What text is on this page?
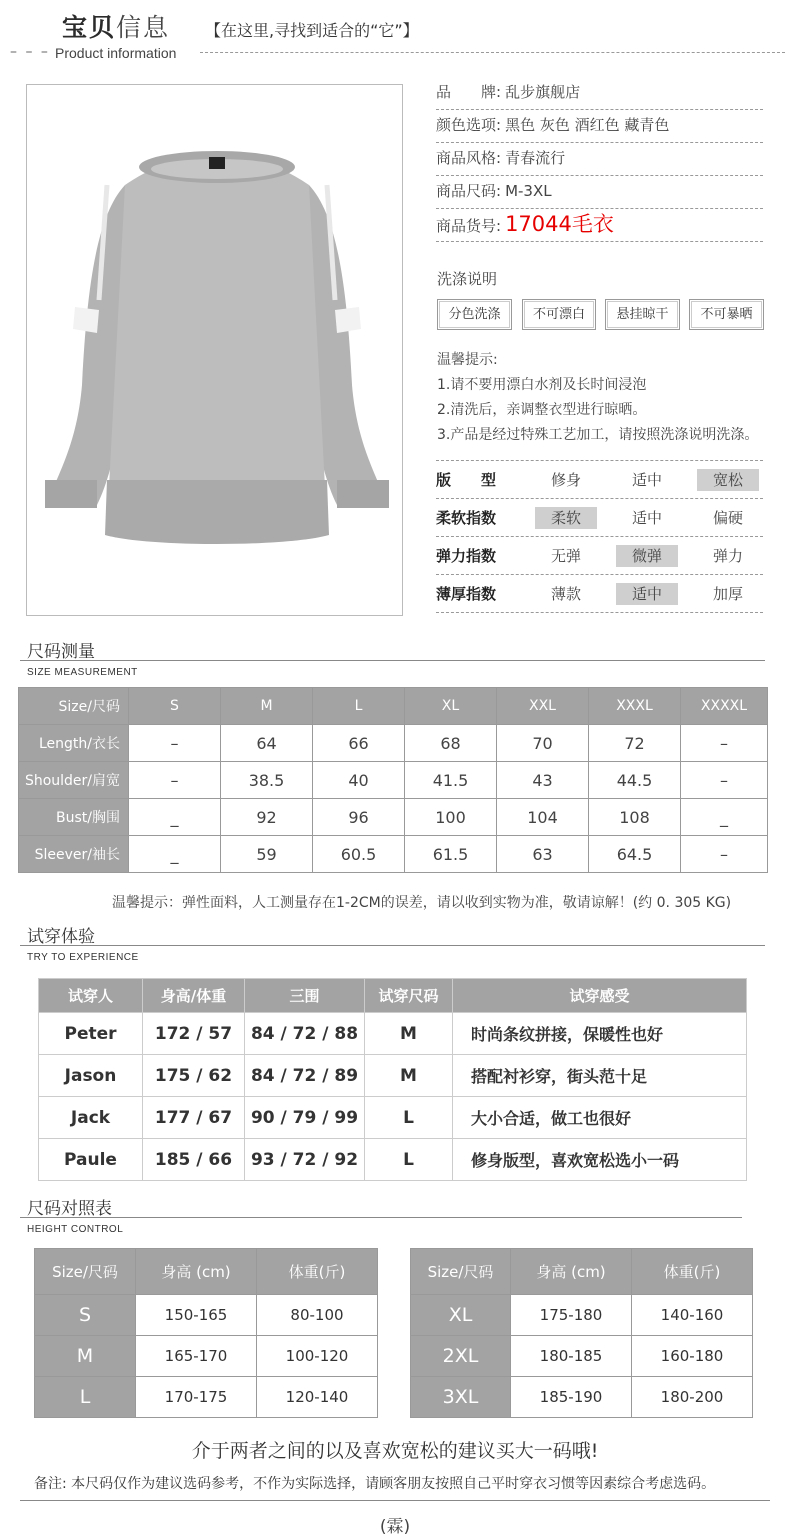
宝贝信息 【在这里,寻找到适合的“它”】
– – – Product information
品　　牌: 乱步旗舰店
颜色选项: 黑色 灰色 酒红色 藏青色
商品风格: 青春流行
商品尺码: M-3XL
商品货号: 17044毛衣
洗涤说明
分色洗涤	不可漂白	悬挂晾干	不可暴晒
温馨提示:
1.请不要用漂白水剂及长时间浸泡
2.清洗后，亲调整衣型进行晾晒。
3.产品是经过特殊工艺加工，请按照洗涤说明洗涤。
版　　型	修身	适中	宽松
柔软指数	柔软	适中	偏硬
弹力指数	无弹	微弹	弹力
薄厚指数	薄款	适中	加厚
尺码测量
SIZE MEASUREMENT
Size/尺码	S	M	L	XL	XXL	XXXL	XXXXL
Length/衣长	–	64	66	68	70	72	–
Shoulder/肩宽	–	38.5	40	41.5	43	44.5	–
Bust/胸围	_	92	96	100	104	108	_
Sleever/袖长	_	59	60.5	61.5	63	64.5	–
温馨提示：弹性面料，人工测量存在1-2CM的误差，请以收到实物为准，敬请谅解！(约 0. 305 KG)
试穿体验
TRY TO EXPERIENCE
试穿人	身高/体重	三围	试穿尺码	试穿感受
Peter	172 / 57	84 / 72 / 88	M	时尚条纹拼接，保暖性也好
Jason	175 / 62	84 / 72 / 89	M	搭配衬衫穿，街头范十足
Jack	177 / 67	90 / 79 / 99	L	大小合适，做工也很好
Paule	185 / 66	93 / 72 / 92	L	修身版型，喜欢宽松选小一码
尺码对照表
HEIGHT CONTROL
Size/尺码	身高 (cm)	体重(斤)
S	150-165	80-100
M	165-170	100-120
L	170-175	120-140
Size/尺码	身高 (cm)	体重(斤)
XL	175-180	140-160
2XL	180-185	160-180
3XL	185-190	180-200
介于两者之间的以及喜欢宽松的建议买大一码哦!
备注: 本尺码仅作为建议选码参考，不作为实际选择，请顾客朋友按照自己平时穿衣习惯等因素综合考虑选码。
(霖)
